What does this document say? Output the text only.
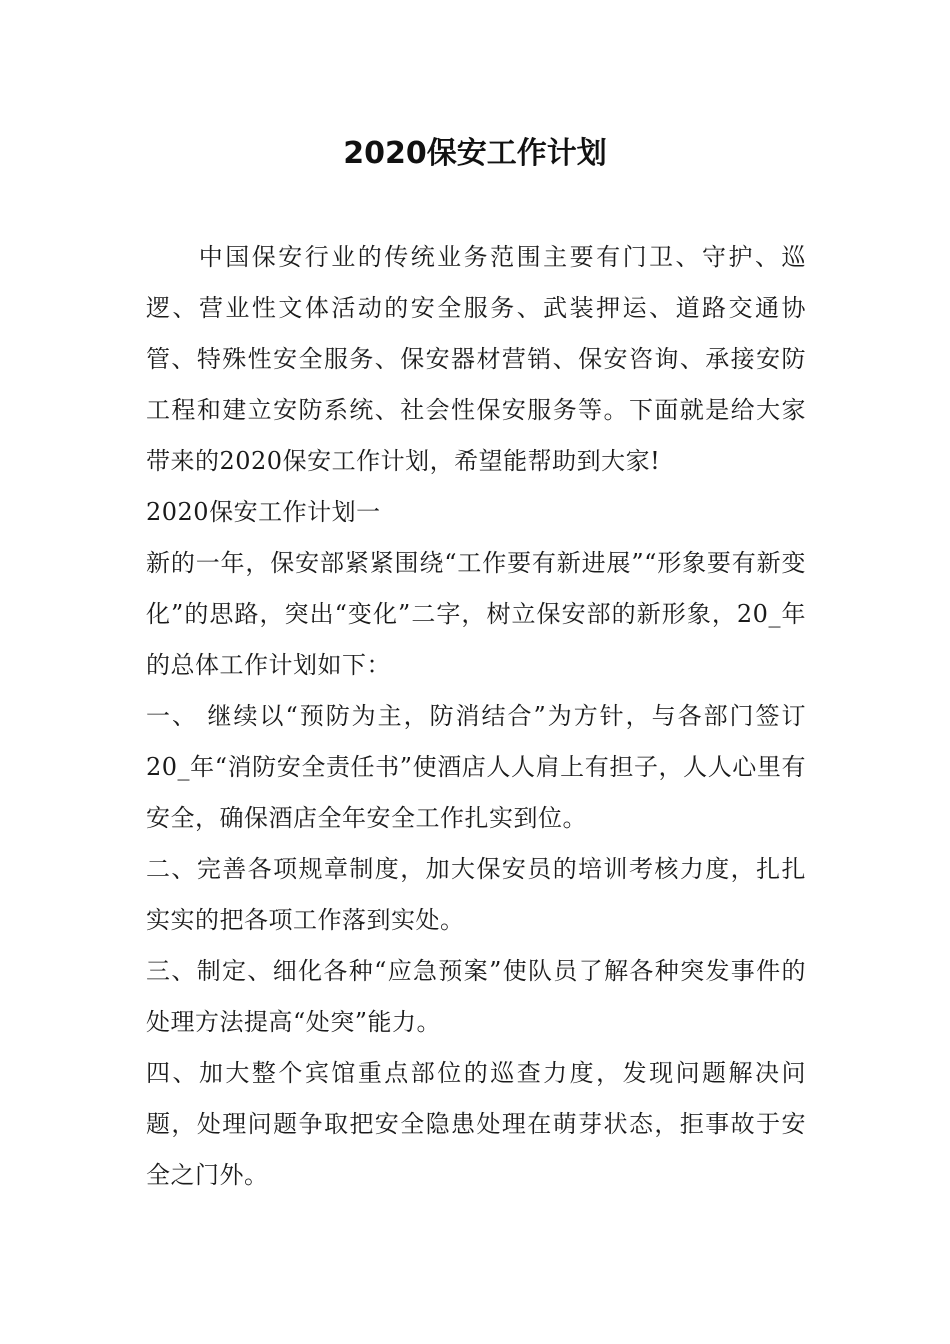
2020保安工作计划

中国保安行业的传统业务范围主要有门卫、守护、巡逻、营业性文体活动的安全服务、武装押运、道路交通协管、特殊性安全服务、保安器材营销、保安咨询、承接安防工程和建立安防系统、社会性保安服务等。下面就是给大家带来的2020保安工作计划，希望能帮助到大家!

2020保安工作计划一

新的一年，保安部紧紧围绕“工作要有新进展”“形象要有新变化”的思路，突出“变化”二字，树立保安部的新形象，20_年的总体工作计划如下：

一、 继续以“预防为主，防消结合”为方针，与各部门签订20_年“消防安全责任书”使酒店人人肩上有担子，人人心里有安全，确保酒店全年安全工作扎实到位。

二、完善各项规章制度，加大保安员的培训考核力度，扎扎实实的把各项工作落到实处。

三、制定、细化各种“应急预案”使队员了解各种突发事件的处理方法提高“处突”能力。

四、加大整个宾馆重点部位的巡查力度，发现问题解决问题，处理问题争取把安全隐患处理在萌芽状态，拒事故于安全之门外。
